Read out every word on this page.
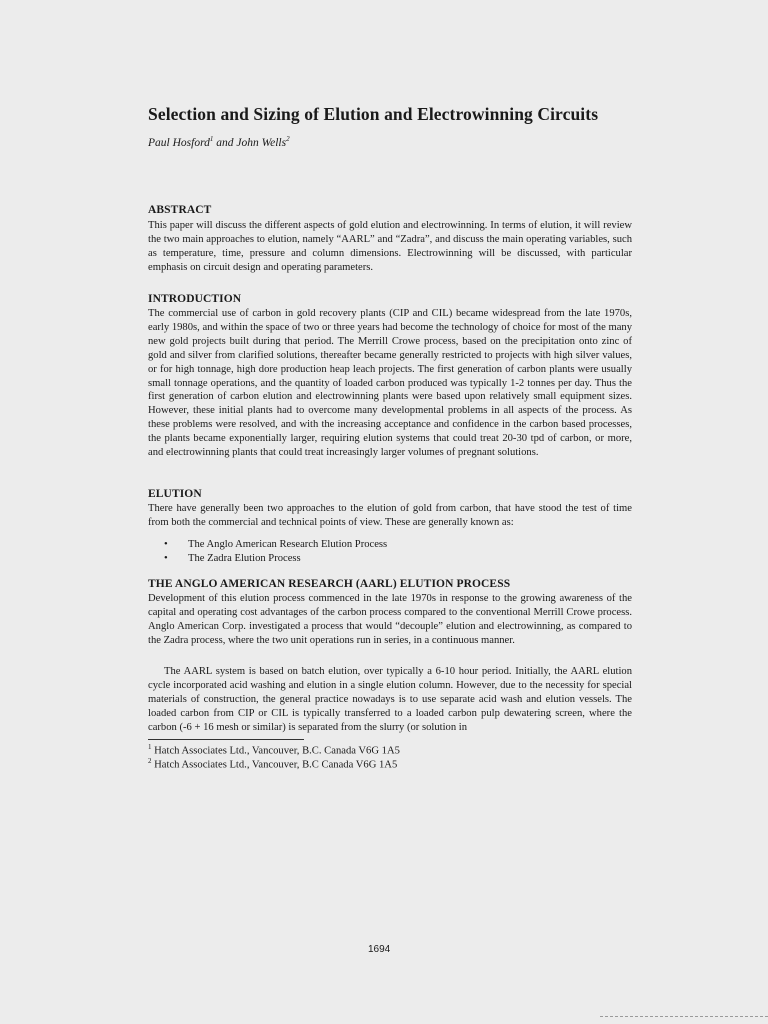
Selection and Sizing of Elution and Electrowinning Circuits
Paul Hosford$^1$ and John Wells$^2$
ABSTRACT

This paper will discuss the different aspects of gold elution and electrowinning. In terms of elution, it will review the two main approaches to elution, namely “AARL” and “Zadra”, and discuss the main operating variables, such as temperature, time, pressure and column dimensions. Electrowinning will be discussed, with particular emphasis on circuit design and operating parameters.

INTRODUCTION

The commercial use of carbon in gold recovery plants (CIP and CIL) became widespread from the late 1970s, early 1980s, and within the space of two or three years had become the technology of choice for most of the many new gold projects built during that period. The Merrill Crowe process, based on the precipitation onto zinc of gold and silver from clarified solutions, thereafter became generally restricted to projects with high silver values, or for high tonnage, high dore production heap leach projects. The first generation of carbon plants were usually small tonnage operations, and the quantity of loaded carbon produced was typically 1-2 tonnes per day. Thus the first generation of carbon elution and electrowinning plants were based upon relatively small equipment sizes. However, these initial plants had to overcome many developmental problems in all aspects of the process. As these problems were resolved, and with the increasing acceptance and confidence in the carbon based processes, the plants became exponentially larger, requiring elution systems that could treat 20-30 tpd of carbon, or more, and electrowinning plants that could treat increasingly larger volumes of pregnant solutions.

ELUTION

There have generally been two approaches to the elution of gold from carbon, that have stood the test of time from both the commercial and technical points of view. These are generally known as:

• The Anglo American Research Elution Process
• The Zadra Elution Process
THE ANGLO AMERICAN RESEARCH (AARL) ELUTION PROCESS

Development of this elution process commenced in the late 1970s in response to the growing awareness of the capital and operating cost advantages of the carbon process compared to the conventional Merrill Crowe process. Anglo American Corp. investigated a process that would “decouple” elution and electrowinning, as compared to the Zadra process, where the two unit operations run in series, in a continuous manner.

The AARL system is based on batch elution, over typically a 6-10 hour period. Initially, the AARL elution cycle incorporated acid washing and elution in a single elution column. However, due to the necessity for special materials of construction, the general practice nowadays is to use separate acid wash and elution vessels. The loaded carbon from CIP or CIL is typically transferred to a loaded carbon pulp dewatering screen, where the carbon (-6 + 16 mesh or similar) is separated from the slurry (or solution in

$^1$ Hatch Associates Ltd., Vancouver, B.C. Canada V6G 1A5
$^2$ Hatch Associates Ltd., Vancouver, B.C Canada V6G 1A5
1694
